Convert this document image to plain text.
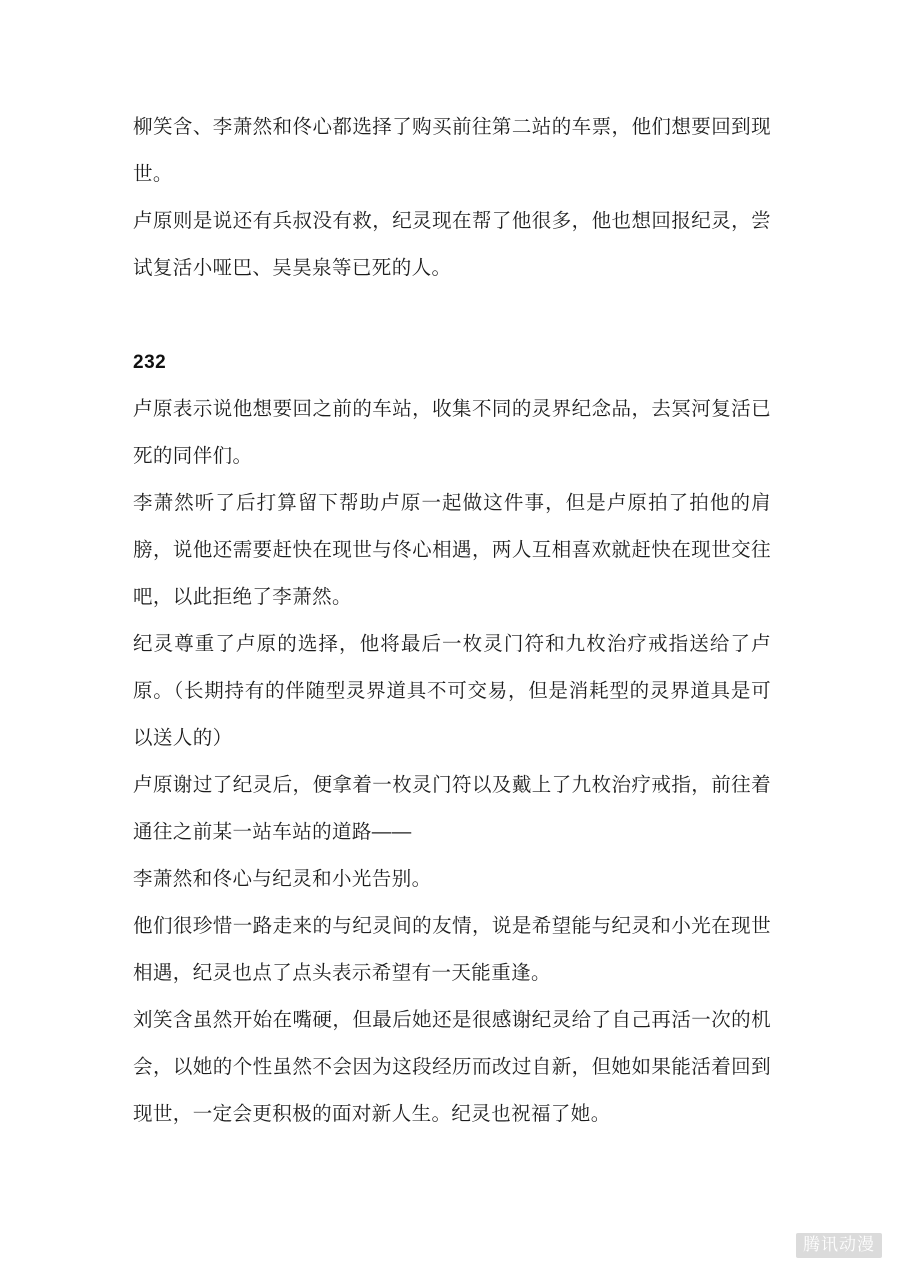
柳笑含、李萧然和佟心都选择了购买前往第二站的车票，他们想要回到现世。

卢原则是说还有兵叔没有救，纪灵现在帮了他很多，他也想回报纪灵，尝试复活小哑巴、吴昊泉等已死的人。

232

卢原表示说他想要回之前的车站，收集不同的灵界纪念品，去冥河复活已死的同伴们。

李萧然听了后打算留下帮助卢原一起做这件事，但是卢原拍了拍他的肩膀，说他还需要赶快在现世与佟心相遇，两人互相喜欢就赶快在现世交往吧，以此拒绝了李萧然。

纪灵尊重了卢原的选择，他将最后一枚灵门符和九枚治疗戒指送给了卢原。（长期持有的伴随型灵界道具不可交易，但是消耗型的灵界道具是可以送人的）

卢原谢过了纪灵后，便拿着一枚灵门符以及戴上了九枚治疗戒指，前往着通往之前某一站车站的道路——

李萧然和佟心与纪灵和小光告别。

他们很珍惜一路走来的与纪灵间的友情，说是希望能与纪灵和小光在现世相遇，纪灵也点了点头表示希望有一天能重逢。

刘笑含虽然开始在嘴硬，但最后她还是很感谢纪灵给了自己再活一次的机会，以她的个性虽然不会因为这段经历而改过自新，但她如果能活着回到现世，一定会更积极的面对新人生。纪灵也祝福了她。

腾讯动漫
